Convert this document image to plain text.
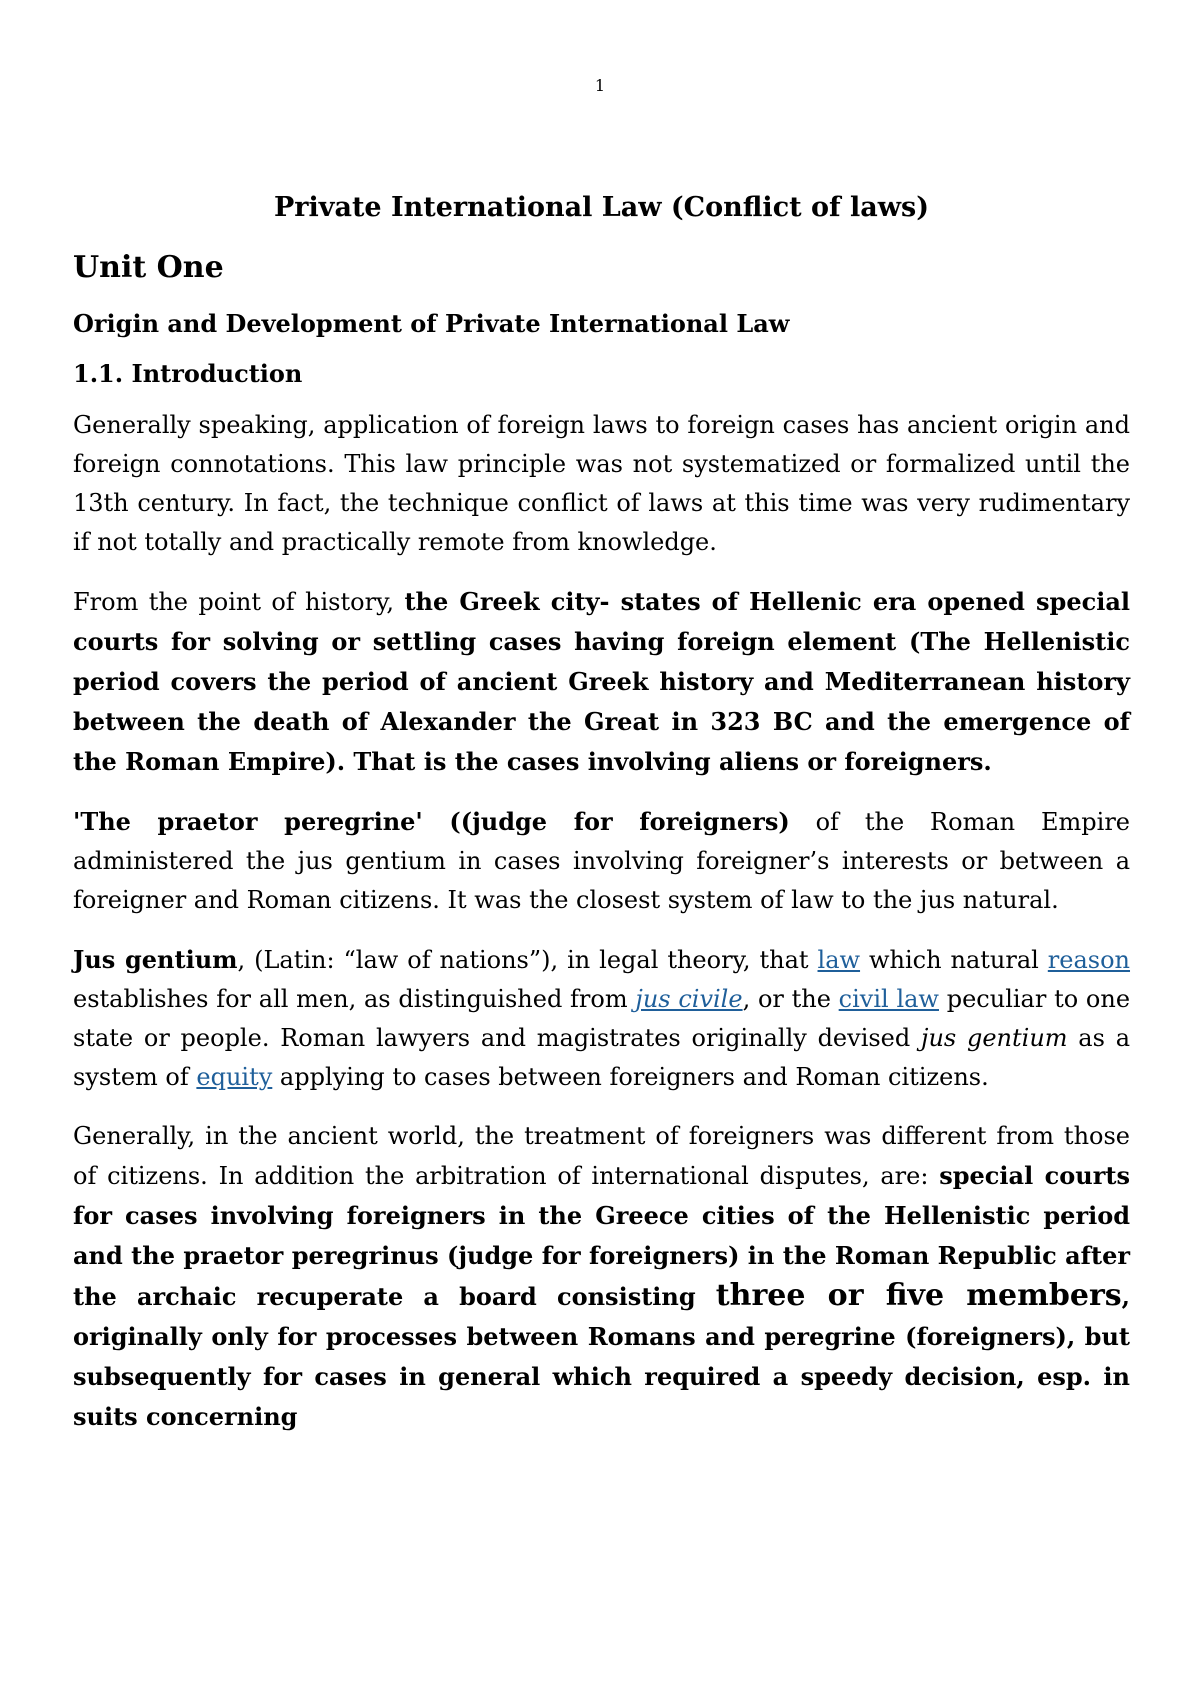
1
Private International Law (Conflict of laws)
Unit One
Origin and Development of Private International Law
1.1. Introduction

Generally speaking, application of foreign laws to foreign cases has ancient origin and foreign connotations. This law principle was not systematized or formalized until the 13th century. In fact, the technique conflict of laws at this time was very rudimentary if not totally and practically remote from knowledge.

From the point of history, the Greek city- states of Hellenic era opened special courts for solving or settling cases having foreign element (The Hellenistic period covers the period of ancient Greek history and Mediterranean history between the death of Alexander the Great in 323 BC and the emergence of the Roman Empire). That is the cases involving aliens or foreigners.

'The praetor peregrine' ((judge for foreigners) of the Roman Empire administered the jus gentium in cases involving foreigner’s interests or between a foreigner and Roman citizens. It was the closest system of law to the jus natural.

Jus gentium, (Latin: “law of nations”), in legal theory, that law which natural reason establishes for all men, as distinguished from jus civile, or the civil law peculiar to one state or people. Roman lawyers and magistrates originally devised jus gentium as a system of equity applying to cases between foreigners and Roman citizens.

Generally, in the ancient world, the treatment of foreigners was different from those of citizens. In addition the arbitration of international disputes, are: special courts for cases involving foreigners in the Greece cities of the Hellenistic period and the praetor peregrinus (judge for foreigners) in the Roman Republic after the archaic recuperate a board consisting three or five members, originally only for processes between Romans and peregrine (foreigners), but subsequently for cases in general which required a speedy decision, esp. in suits concerning
